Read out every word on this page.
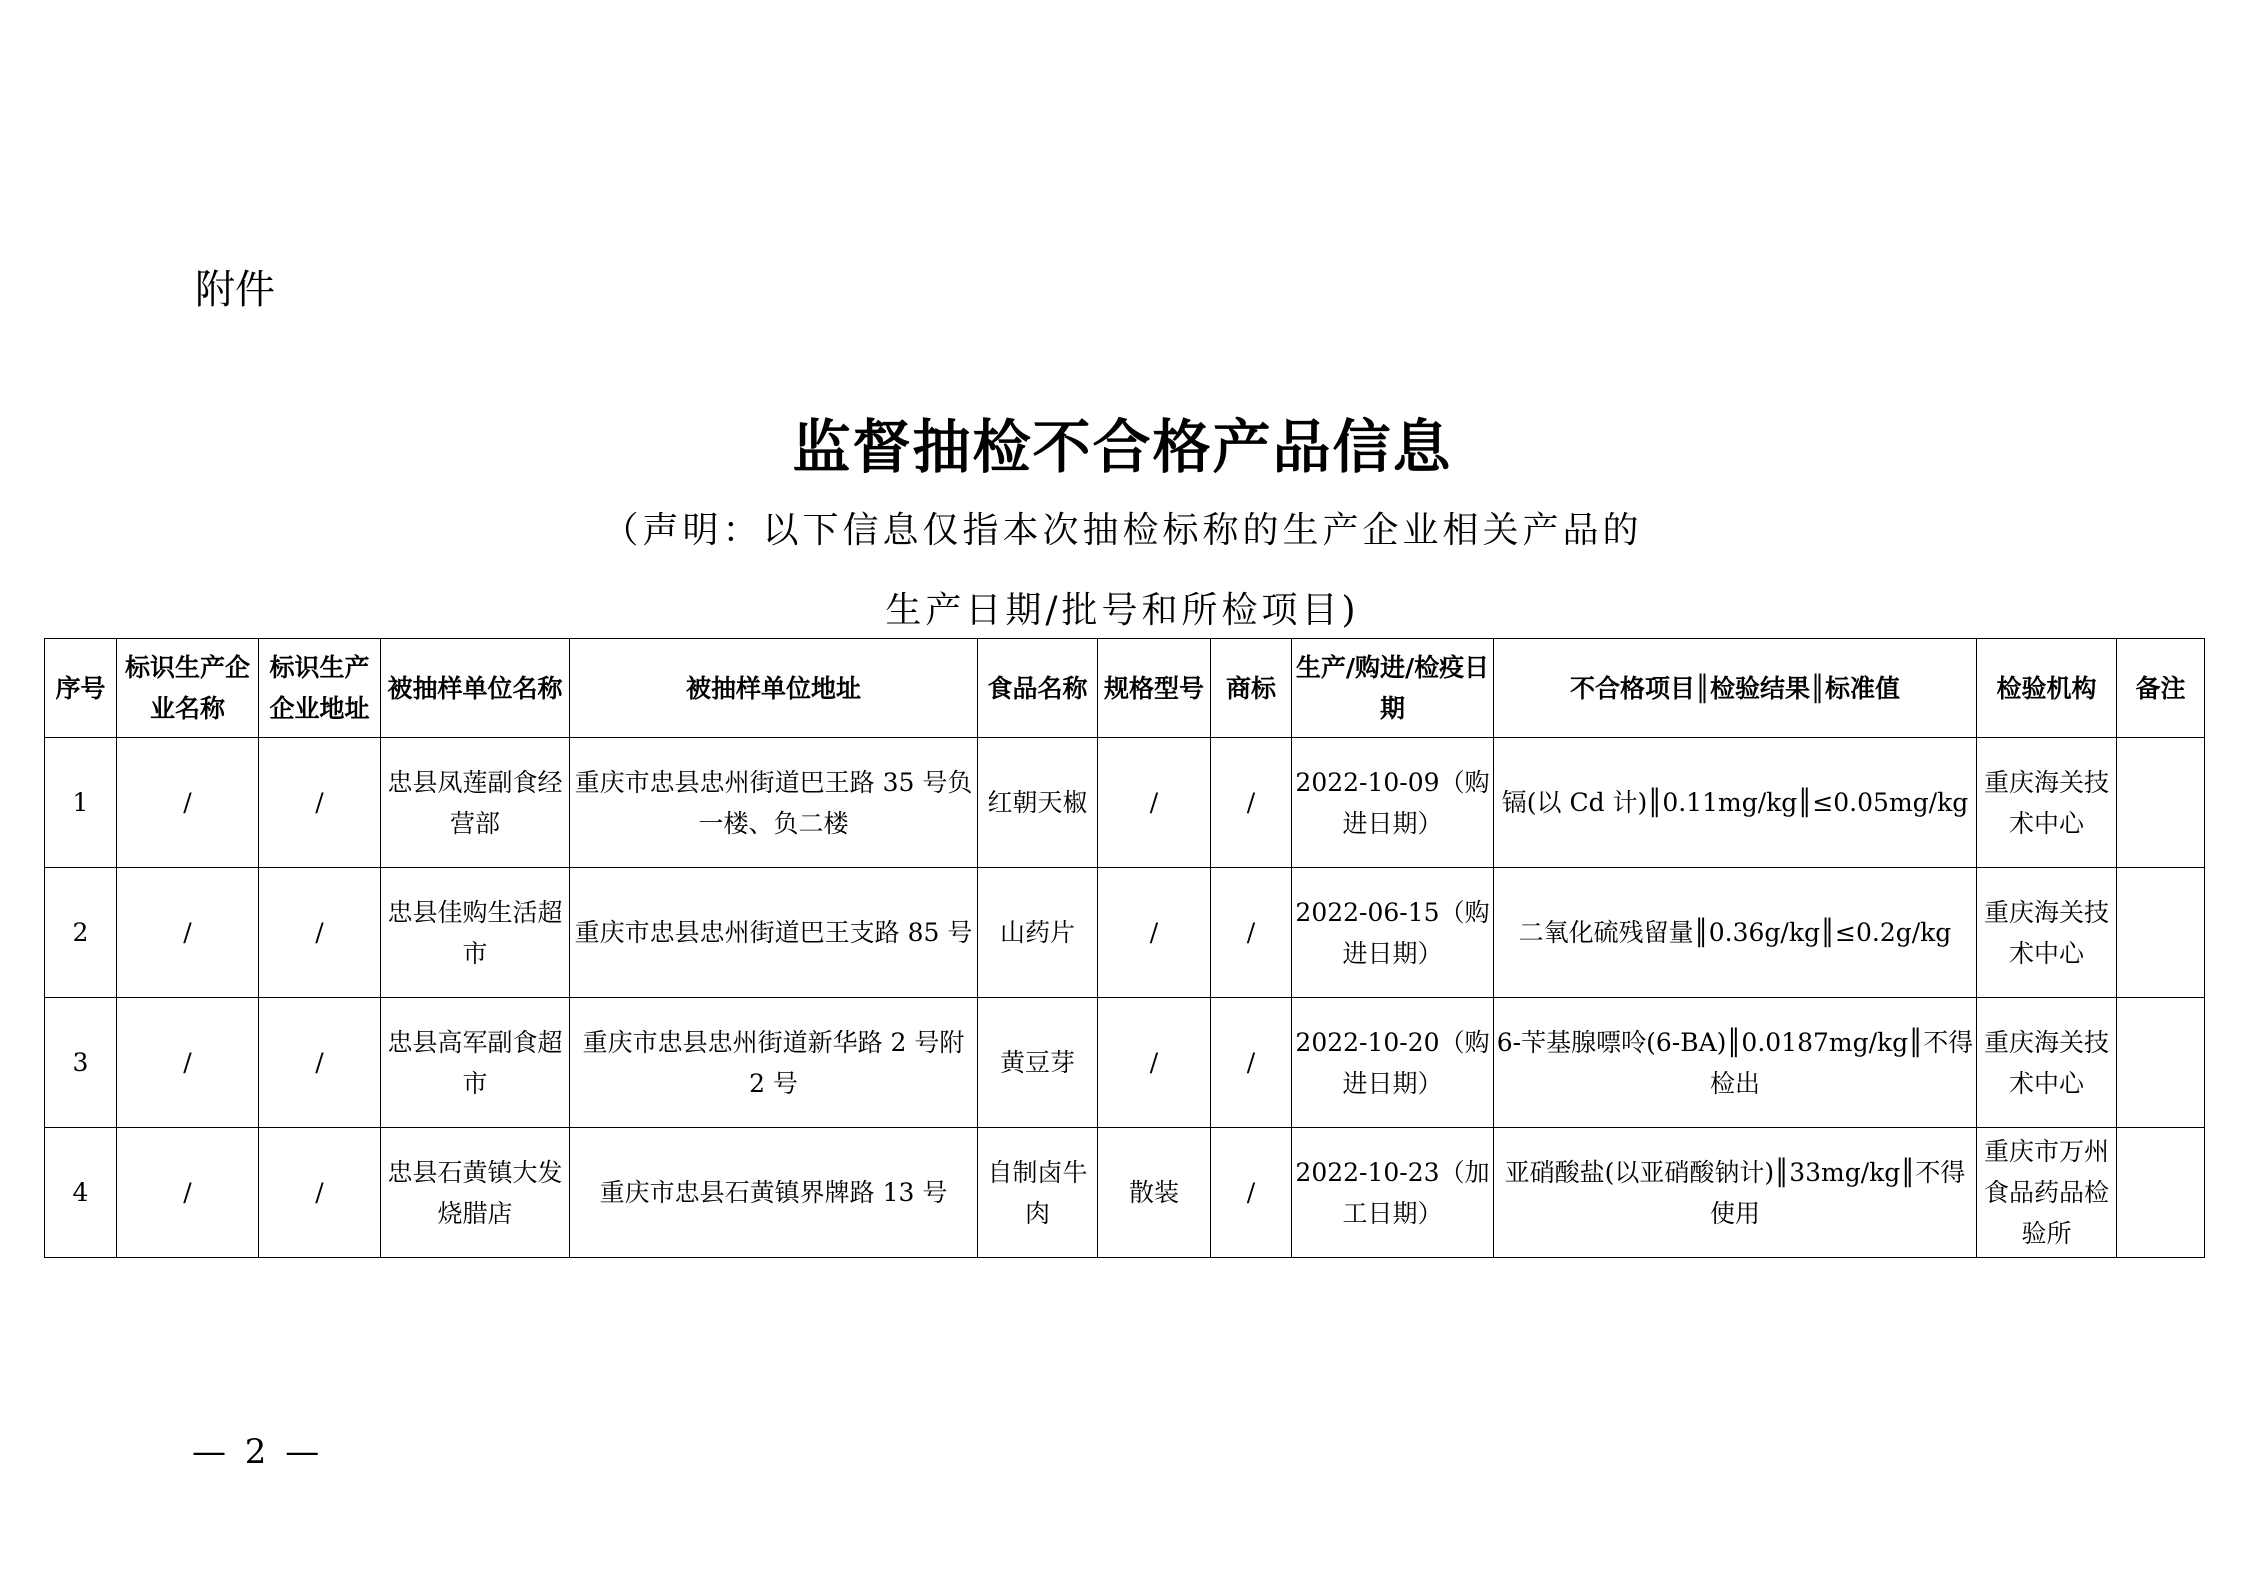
附件
监督抽检不合格产品信息
（声明：以下信息仅指本次抽检标称的生产企业相关产品的
生产日期/批号和所检项目)
序号	标识生产企业名称	标识生产企业地址	被抽样单位名称	被抽样单位地址	食品名称	规格型号	商标	生产/购进/检疫日期	不合格项目║检验结果║标准值	检验机构	备注
1	/	/	忠县凤莲副食经营部	重庆市忠县忠州街道巴王路 35 号负一楼、负二楼	红朝天椒	/	/	2022-10-09（购进日期）	镉(以 Cd 计)║0.11mg/kg║≤0.05mg/kg	重庆海关技术中心	
2	/	/	忠县佳购生活超市	重庆市忠县忠州街道巴王支路 85 号	山药片	/	/	2022-06-15（购进日期）	二氧化硫残留量║0.36g/kg║≤0.2g/kg	重庆海关技术中心	
3	/	/	忠县高军副食超市	重庆市忠县忠州街道新华路 2 号附 2 号	黄豆芽	/	/	2022-10-20（购进日期）	6-苄基腺嘌呤(6-BA)║0.0187mg/kg║不得检出	重庆海关技术中心	
4	/	/	忠县石黄镇大发烧腊店	重庆市忠县石黄镇界牌路 13 号	自制卤牛肉	散装	/	2022-10-23（加工日期）	亚硝酸盐(以亚硝酸钠计)║33mg/kg║不得使用	重庆市万州食品药品检验所	
— 2 —
